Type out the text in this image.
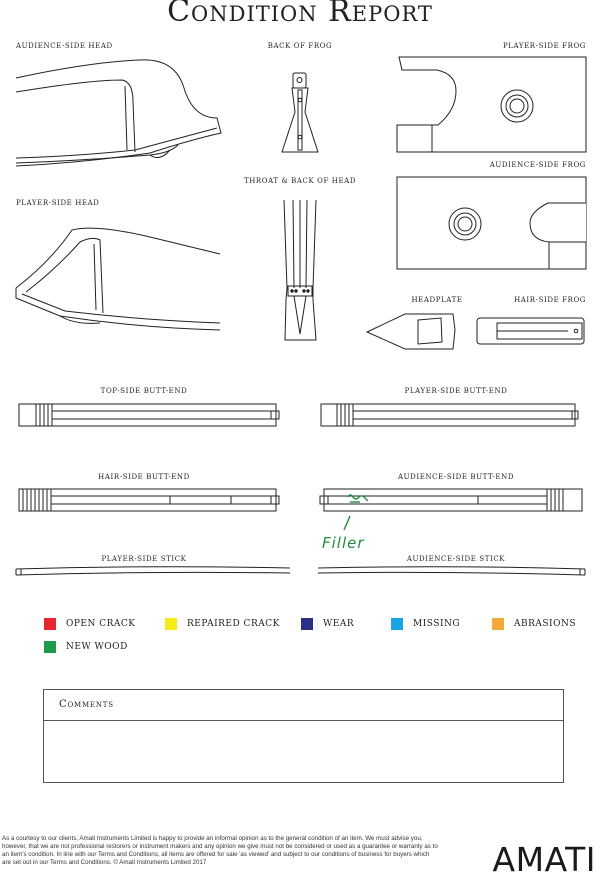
Condition Report
AUDIENCE-SIDE HEAD	BACK OF FROG	PLAYER-SIDE FROG
AUDIENCE-SIDE FROG
THROAT & BACK OF HEAD
PLAYER-SIDE HEAD
HEADPLATE	HAIR-SIDE FROG
TOP-SIDE BUTT-END	PLAYER-SIDE BUTT-END
HAIR-SIDE BUTT-END	AUDIENCE-SIDE BUTT-END
PLAYER-SIDE STICK	AUDIENCE-SIDE STICK
Filler
OPEN CRACK	REPAIRED CRACK	WEAR	MISSING	ABRASIONS
NEW WOOD
Comments
As a courtesy to our clients, Amati Instruments Limited is happy to provide an informal opinion as to the general condition of an item. We must advise you, however, that we are not professional restorers or instrument makers and any opinion we give must not be considered or used as a guarantee or warranty as to an item's condition. In line with our Terms and Conditions, all items are offered for sale 'as viewed' and subject to our conditions of business for buyers which are set out in our Terms and Conditions. © Amati Instruments Limited 2017	AMATI
